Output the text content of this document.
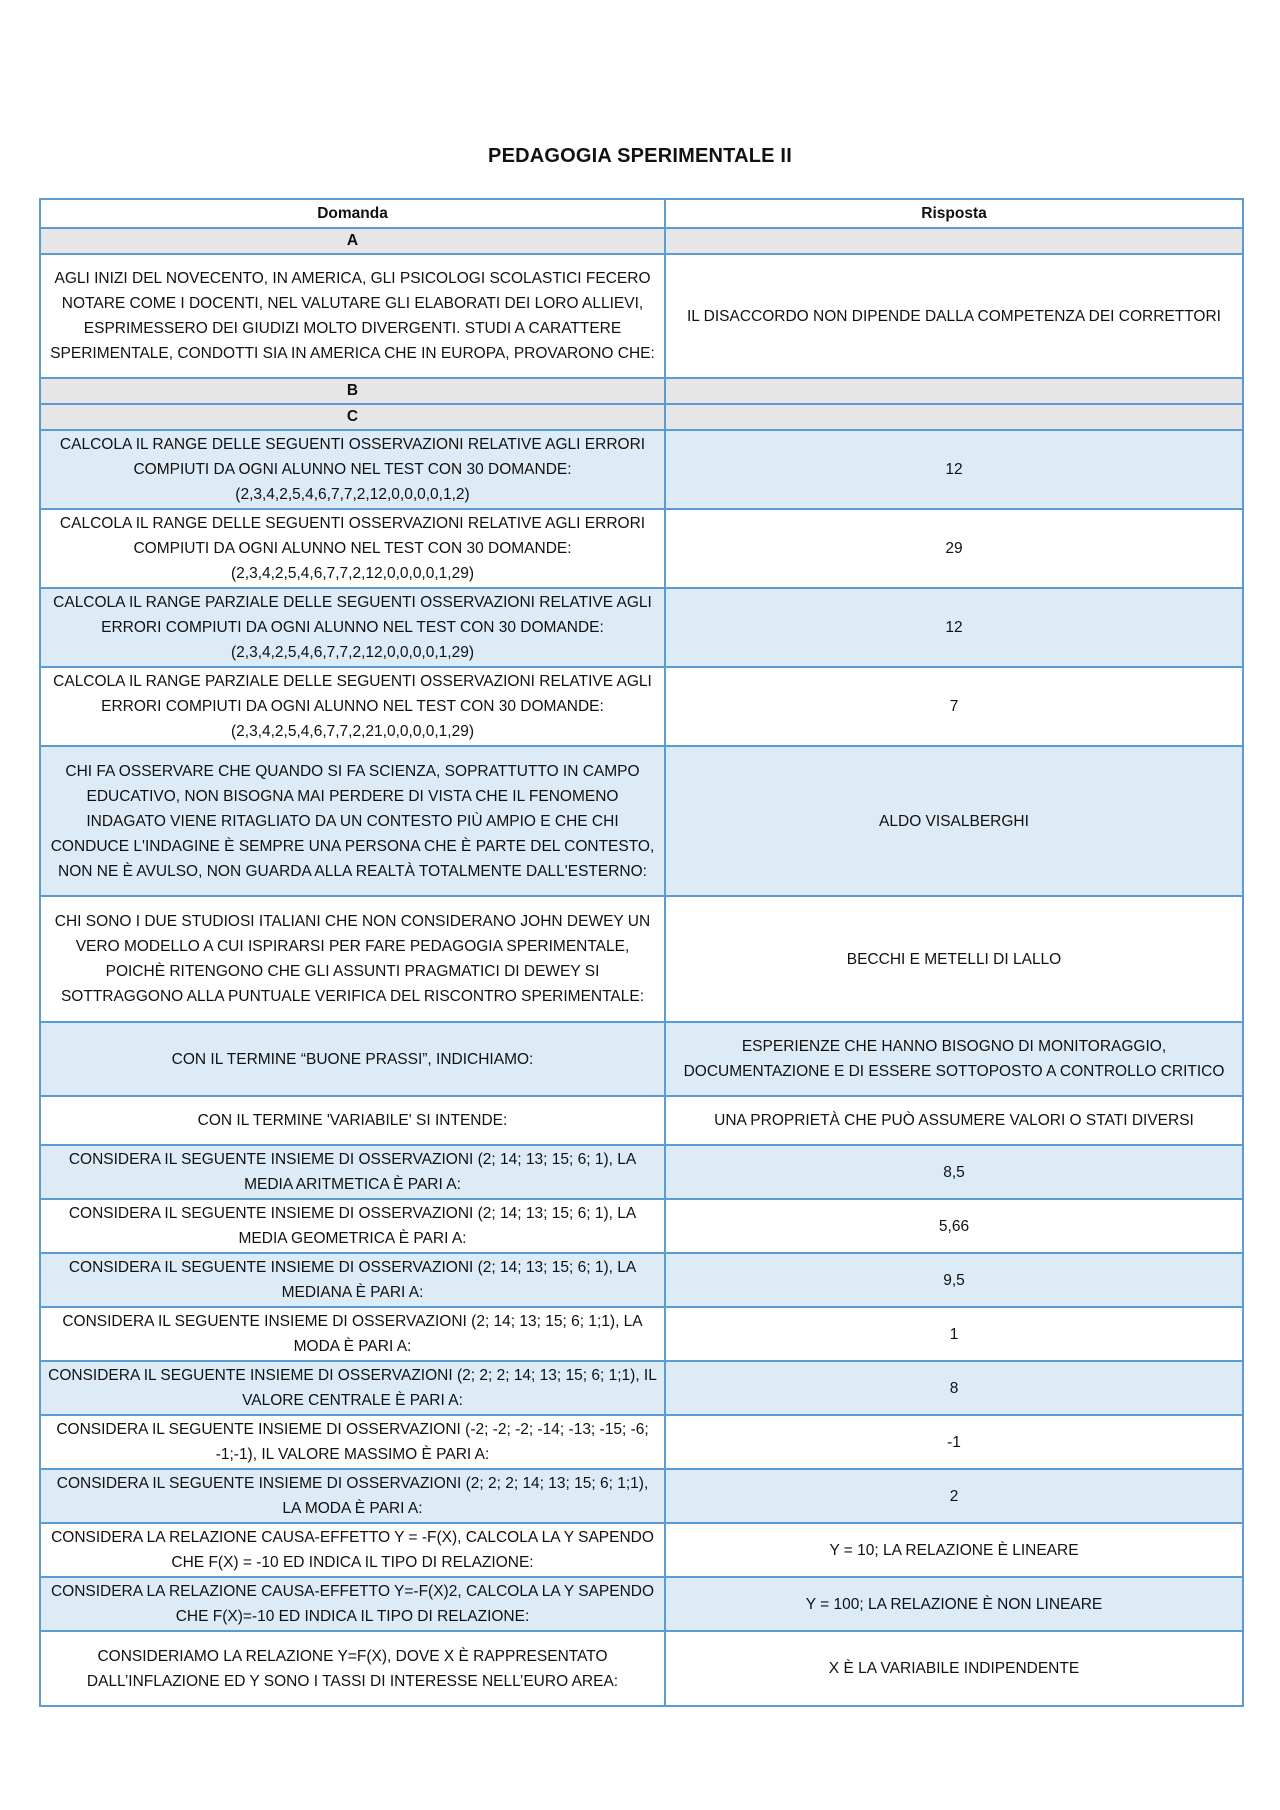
PEDAGOGIA SPERIMENTALE II
Domanda	Risposta
A	
AGLI INIZI DEL NOVECENTO, IN AMERICA, GLI PSICOLOGI SCOLASTICI FECERO NOTARE COME I DOCENTI, NEL VALUTARE GLI ELABORATI DEI LORO ALLIEVI, ESPRIMESSERO DEI GIUDIZI MOLTO DIVERGENTI. STUDI A CARATTERE SPERIMENTALE, CONDOTTI SIA IN AMERICA CHE IN EUROPA, PROVARONO CHE:	IL DISACCORDO NON DIPENDE DALLA COMPETENZA DEI CORRETTORI
B	
C	
CALCOLA IL RANGE DELLE SEGUENTI OSSERVAZIONI RELATIVE AGLI ERRORI COMPIUTI DA OGNI ALUNNO NEL TEST CON 30 DOMANDE: (2,3,4,2,5,4,6,7,7,2,12,0,0,0,0,1,2)	12
CALCOLA IL RANGE DELLE SEGUENTI OSSERVAZIONI RELATIVE AGLI ERRORI COMPIUTI DA OGNI ALUNNO NEL TEST CON 30 DOMANDE: (2,3,4,2,5,4,6,7,7,2,12,0,0,0,0,1,29)	29
CALCOLA IL RANGE PARZIALE DELLE SEGUENTI OSSERVAZIONI RELATIVE AGLI ERRORI COMPIUTI DA OGNI ALUNNO NEL TEST CON 30 DOMANDE: (2,3,4,2,5,4,6,7,7,2,12,0,0,0,0,1,29)	12
CALCOLA IL RANGE PARZIALE DELLE SEGUENTI OSSERVAZIONI RELATIVE AGLI ERRORI COMPIUTI DA OGNI ALUNNO NEL TEST CON 30 DOMANDE: (2,3,4,2,5,4,6,7,7,2,21,0,0,0,0,1,29)	7
CHI FA OSSERVARE CHE QUANDO SI FA SCIENZA, SOPRATTUTTO IN CAMPO EDUCATIVO, NON BISOGNA MAI PERDERE DI VISTA CHE IL FENOMENO INDAGATO VIENE RITAGLIATO DA UN CONTESTO PIÙ AMPIO E CHE CHI CONDUCE L'INDAGINE È SEMPRE UNA PERSONA CHE È PARTE DEL CONTESTO, NON NE È AVULSO, NON GUARDA ALLA REALTÀ TOTALMENTE DALL'ESTERNO:	ALDO VISALBERGHI
CHI SONO I DUE STUDIOSI ITALIANI CHE NON CONSIDERANO JOHN DEWEY UN VERO MODELLO A CUI ISPIRARSI PER FARE PEDAGOGIA SPERIMENTALE, POICHÈ RITENGONO CHE GLI ASSUNTI PRAGMATICI DI DEWEY SI SOTTRAGGONO ALLA PUNTUALE VERIFICA DEL RISCONTRO SPERIMENTALE:	BECCHI E METELLI DI LALLO
CON IL TERMINE “BUONE PRASSI”, INDICHIAMO:	ESPERIENZE CHE HANNO BISOGNO DI MONITORAGGIO, DOCUMENTAZIONE E DI ESSERE SOTTOPOSTO A CONTROLLO CRITICO
CON IL TERMINE 'VARIABILE' SI INTENDE:	UNA PROPRIETÀ CHE PUÒ ASSUMERE VALORI O STATI DIVERSI
CONSIDERA IL SEGUENTE INSIEME DI OSSERVAZIONI (2; 14; 13; 15; 6; 1), LA MEDIA ARITMETICA È PARI A:	8,5
CONSIDERA IL SEGUENTE INSIEME DI OSSERVAZIONI (2; 14; 13; 15; 6; 1), LA MEDIA GEOMETRICA È PARI A:	5,66
CONSIDERA IL SEGUENTE INSIEME DI OSSERVAZIONI (2; 14; 13; 15; 6; 1), LA MEDIANA È PARI A:	9,5
CONSIDERA IL SEGUENTE INSIEME DI OSSERVAZIONI (2; 14; 13; 15; 6; 1;1), LA MODA È PARI A:	1
CONSIDERA IL SEGUENTE INSIEME DI OSSERVAZIONI (2; 2; 2; 14; 13; 15; 6; 1;1), IL VALORE CENTRALE È PARI A:	8
CONSIDERA IL SEGUENTE INSIEME DI OSSERVAZIONI (-2; -2; -2; -14; -13; -15; -6; -1;-1), IL VALORE MASSIMO È PARI A:	-1
CONSIDERA IL SEGUENTE INSIEME DI OSSERVAZIONI (2; 2; 2; 14; 13; 15; 6; 1;1), LA MODA È PARI A:	2
CONSIDERA LA RELAZIONE CAUSA-EFFETTO Y = -F(X), CALCOLA LA Y SAPENDO CHE F(X) = -10 ED INDICA IL TIPO DI RELAZIONE:	Y = 10; LA RELAZIONE È LINEARE
CONSIDERA LA RELAZIONE CAUSA-EFFETTO Y=-F(X)2, CALCOLA LA Y SAPENDO CHE F(X)=-10 ED INDICA IL TIPO DI RELAZIONE:	Y = 100; LA RELAZIONE È NON LINEARE
CONSIDERIAMO LA RELAZIONE Y=F(X), DOVE X È RAPPRESENTATO DALL’INFLAZIONE ED Y SONO I TASSI DI INTERESSE NELL’EURO AREA:	X È LA VARIABILE INDIPENDENTE
